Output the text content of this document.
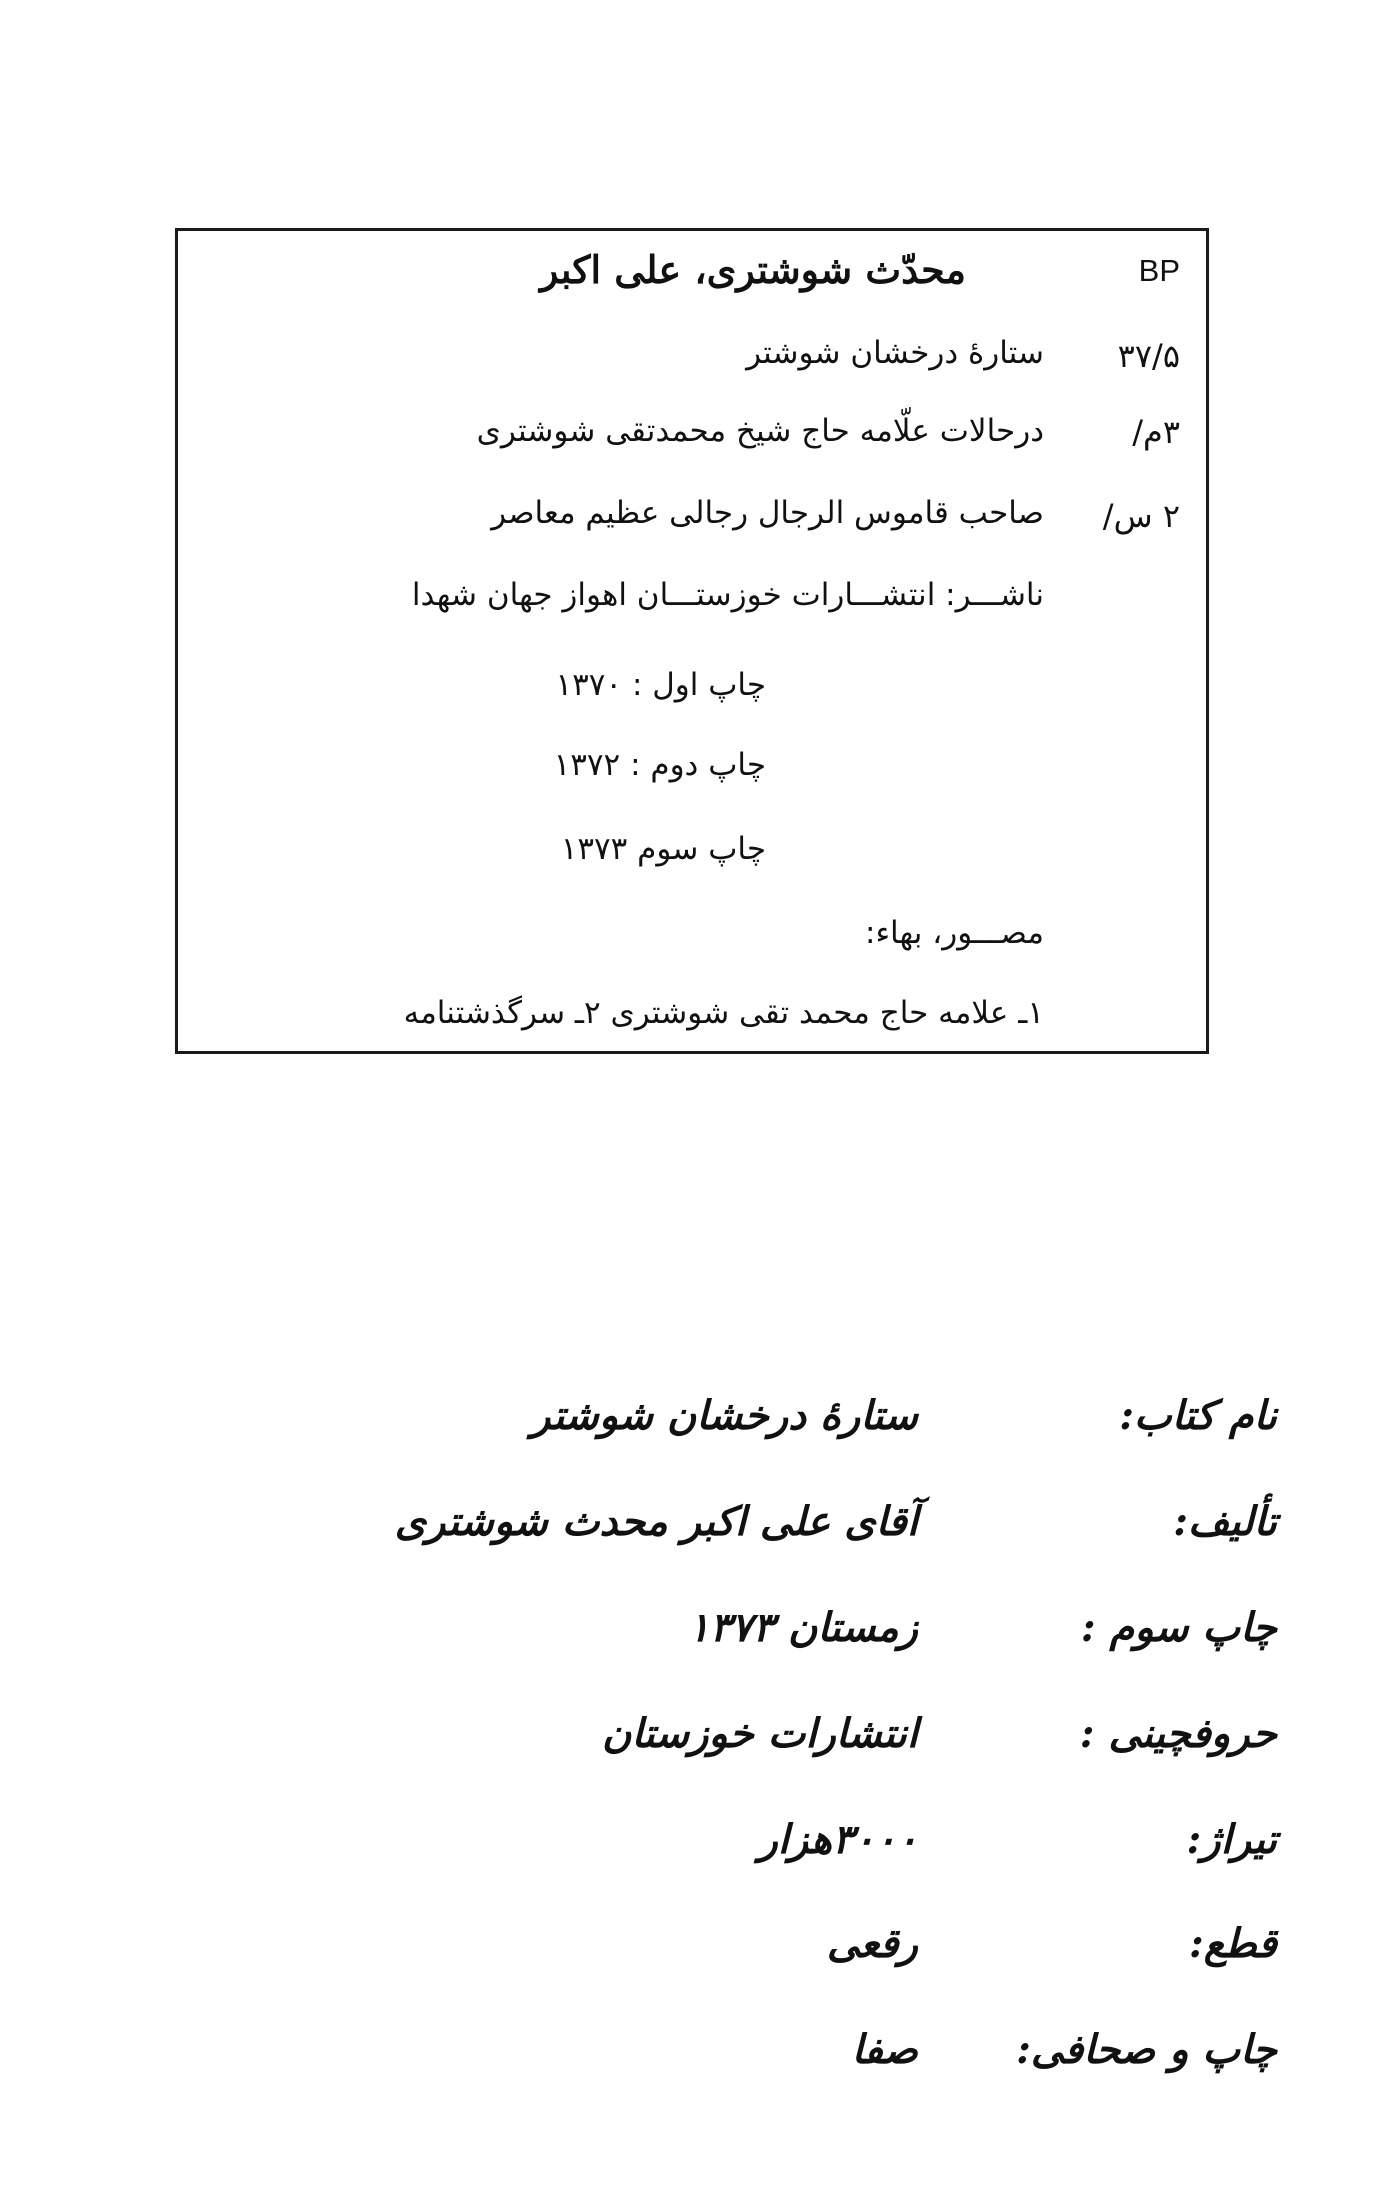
BP
۳۷/۵
۳م/
۲ س/
محدّث شوشتری، علی اکبر
ستارهٔ درخشان شوشتر
درحالات علّامه حاج شیخ محمدتقی شوشتری
صاحب قاموس الرجال رجالی عظیم معاصر
ناشـــر: انتشـــارات خوزستـــان اهواز جهان شهدا
چاپ اول : ۱۳۷۰
چاپ دوم : ۱۳۷۲
چاپ سوم ۱۳۷۳
مصـــور، بهاء:
۱ـ علامه حاج محمد تقی شوشتری ۲ـ سرگذشتنامه
نام کتاب:
ستارهٔ درخشان شوشتر
تألیف:
آقای علی اکبر محدث شوشتری
چاپ سوم :
زمستان ۱۳۷۳
حروفچینی :
انتشارات خوزستان
تیراژ:
۳۰۰۰هزار
قطع:
رقعی
چاپ و صحافی:
صفا
